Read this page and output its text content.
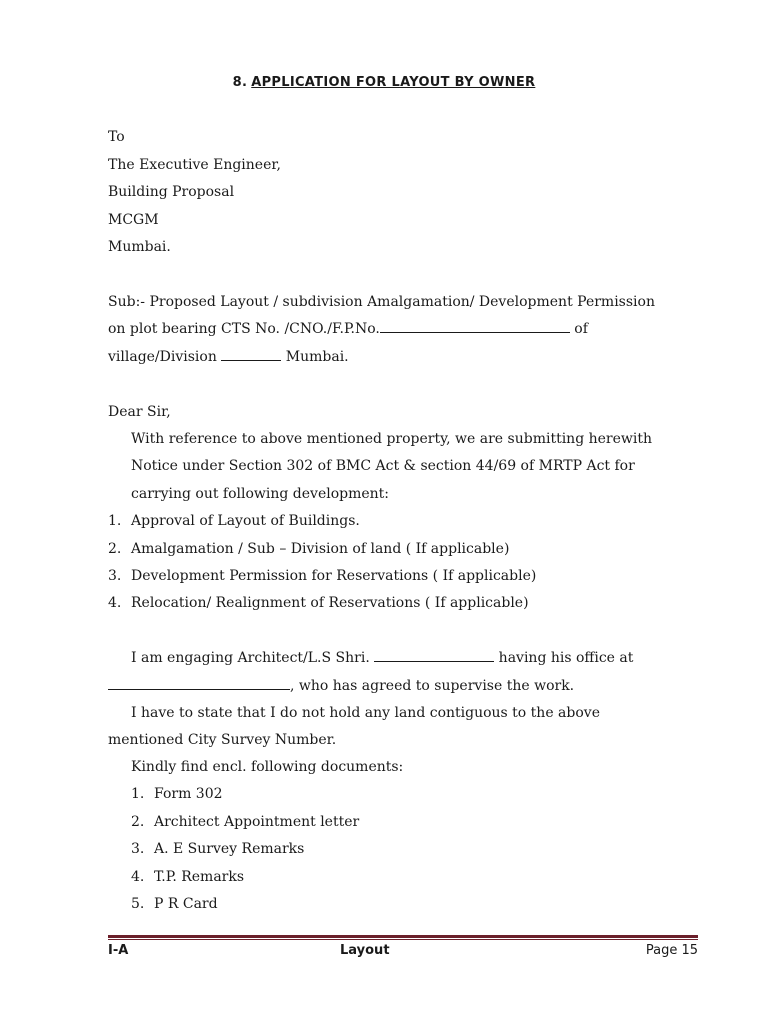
8. APPLICATION FOR LAYOUT BY OWNER
To
The Executive Engineer,
Building Proposal
MCGM
Mumbai.
Sub:- Proposed Layout / subdivision Amalgamation/ Development Permission
on plot bearing CTS No. /CNO./F.P.No.	of
village/Division	Mumbai.
Dear Sir,
With reference to above mentioned property, we are submitting herewith
Notice under Section 302 of BMC Act & section 44/69 of MRTP Act for
carrying out following development:
1. Approval of Layout of Buildings.
2. Amalgamation / Sub – Division of land ( If applicable)
3. Development Permission for Reservations ( If applicable)
4. Relocation/ Realignment of Reservations ( If applicable)
I am engaging Architect/L.S Shri.	having his office at
, who has agreed to supervise the work.
I have to state that I do not hold any land contiguous to the above
mentioned City Survey Number.
Kindly find encl. following documents:
1. Form 302
2. Architect Appointment letter
3. A. E Survey Remarks
4. T.P. Remarks
5. P R Card
I-A	Layout	Page 15
